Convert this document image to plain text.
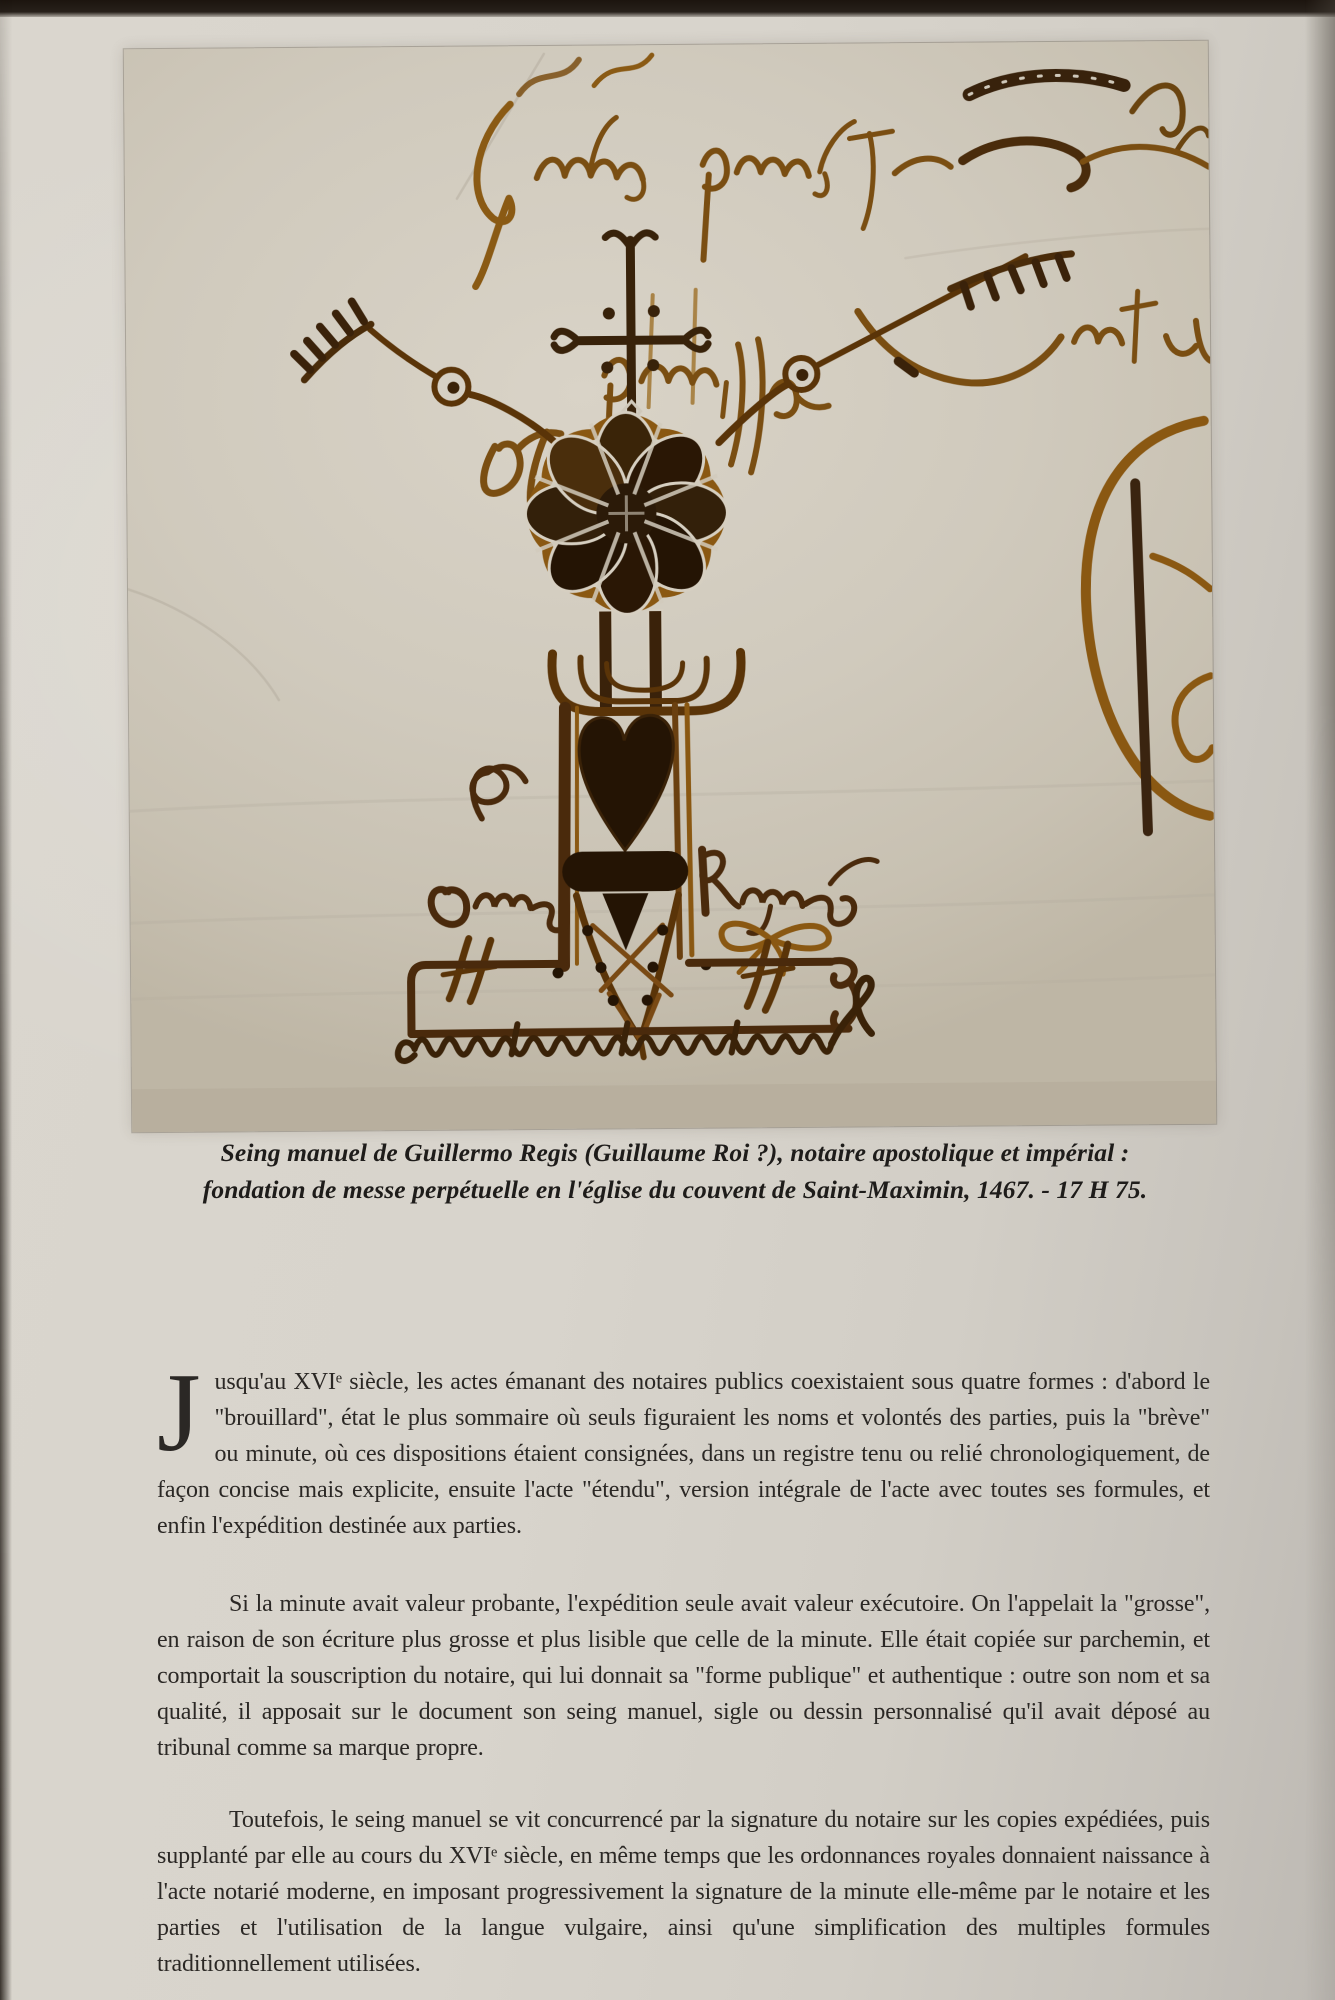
Seing manuel de Guillermo Regis (Guillaume Roi ?), notaire apostolique et impérial :
fondation de messe perpétuelle en l'église du couvent de Saint-Maximin, 1467. - 17 H 75.

Jusqu'au XVIᵉ siècle, les actes émanant des notaires publics coexistaient sous quatre formes : d'abord le "brouillard", état le plus sommaire où seuls figuraient les noms et volontés des parties, puis la "brève" ou minute, où ces dispositions étaient consignées, dans un registre tenu ou relié chronologiquement, de façon concise mais explicite, ensuite l'acte "étendu", version intégrale de l'acte avec toutes ses formules, et enfin l'expédition destinée aux parties.

Si la minute avait valeur probante, l'expédition seule avait valeur exécutoire. On l'appelait la "grosse", en raison de son écriture plus grosse et plus lisible que celle de la minute. Elle était copiée sur parchemin, et comportait la souscription du notaire, qui lui donnait sa "forme publique" et authentique : outre son nom et sa qualité, il apposait sur le document son seing manuel, sigle ou dessin personnalisé qu'il avait déposé au tribunal comme sa marque propre.

Toutefois, le seing manuel se vit concurrencé par la signature du notaire sur les copies expédiées, puis supplanté par elle au cours du XVIᵉ siècle, en même temps que les ordonnances royales donnaient naissance à l'acte notarié moderne, en imposant progressivement la signature de la minute elle-même par le notaire et les parties et l'utilisation de la langue vulgaire, ainsi qu'une simplification des multiples formules traditionnellement utilisées.
